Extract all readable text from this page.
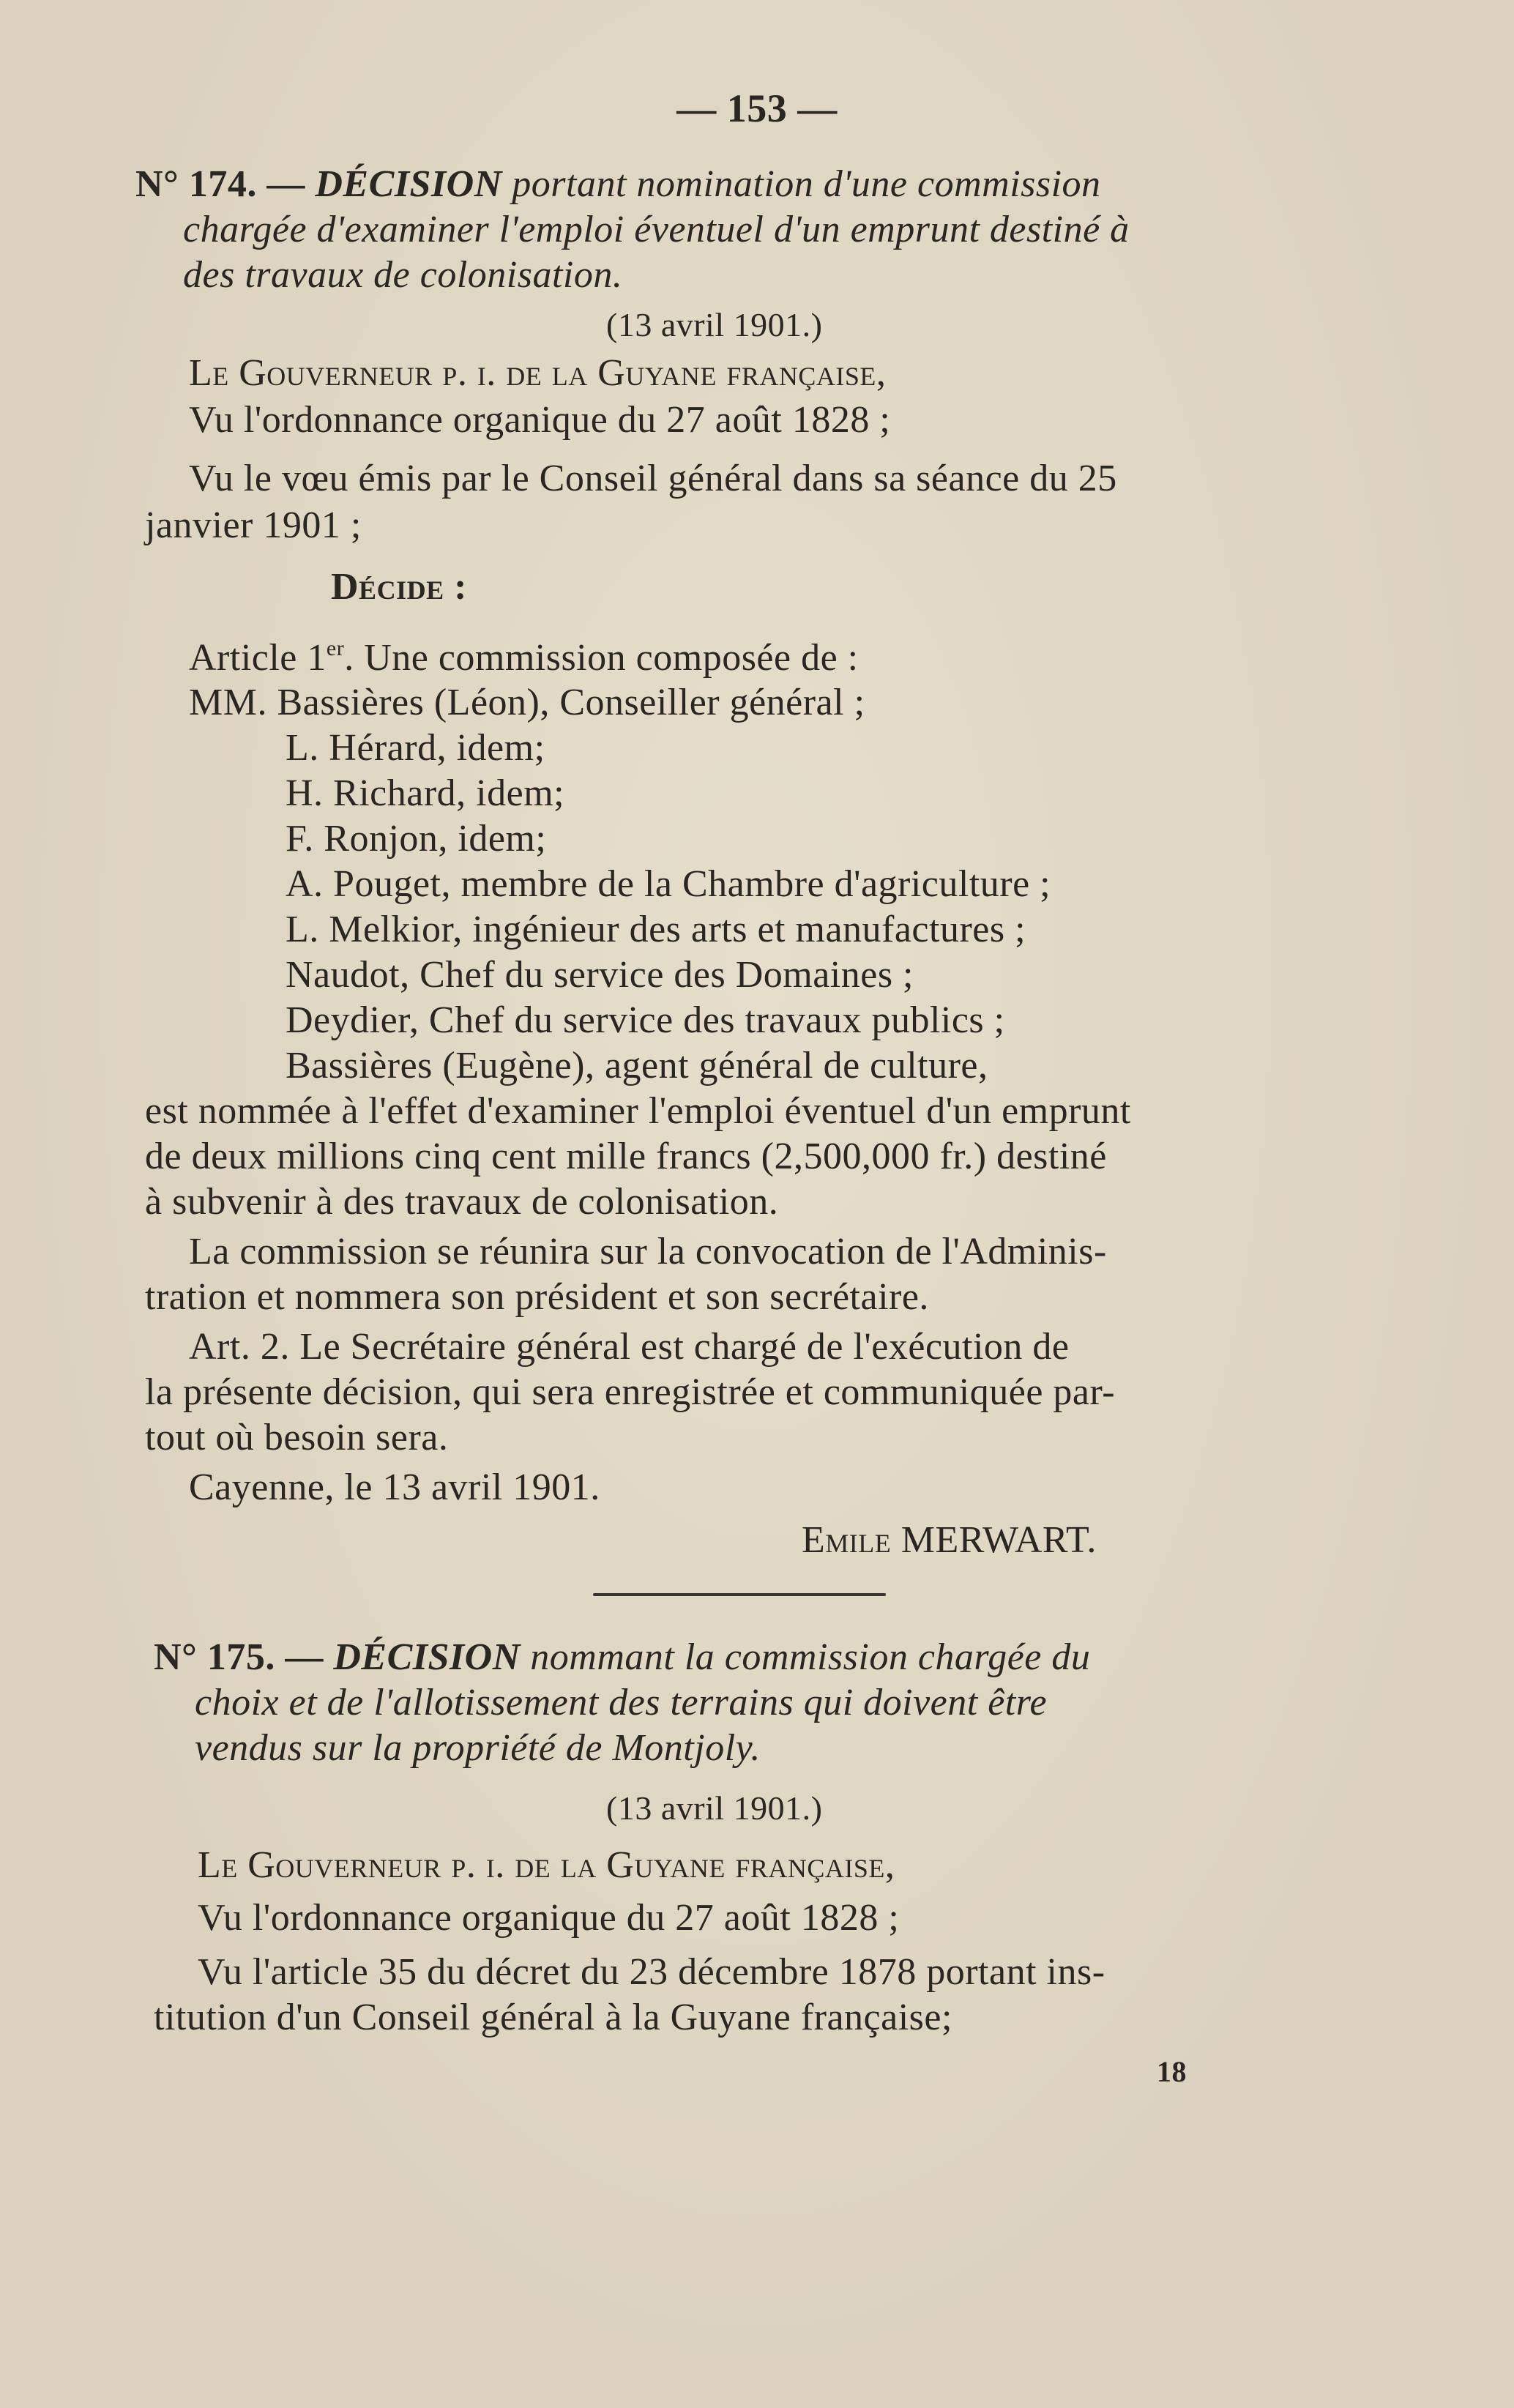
— 153 —
N° 174. — DÉCISION portant nomination d'une commission
chargée d'examiner l'emploi éventuel d'un emprunt destiné à
des travaux de colonisation.
(13 avril 1901.)
Le Gouverneur p. i. de la Guyane française,
Vu l'ordonnance organique du 27 août 1828 ;
Vu le vœu émis par le Conseil général dans sa séance du 25
janvier 1901 ;
Décide :
Article 1er. Une commission composée de :
MM. Bassières (Léon), Conseiller général ;
L. Hérard, idem;
H. Richard, idem;
F. Ronjon, idem;
A. Pouget, membre de la Chambre d'agriculture ;
L. Melkior, ingénieur des arts et manufactures ;
Naudot, Chef du service des Domaines ;
Deydier, Chef du service des travaux publics ;
Bassières (Eugène), agent général de culture,
est nommée à l'effet d'examiner l'emploi éventuel d'un emprunt
de deux millions cinq cent mille francs (2,500,000 fr.) destiné
à subvenir à des travaux de colonisation.
La commission se réunira sur la convocation de l'Adminis-
tration et nommera son président et son secrétaire.
Art. 2. Le Secrétaire général est chargé de l'exécution de
la présente décision, qui sera enregistrée et communiquée par-
tout où besoin sera.
Cayenne, le 13 avril 1901.
Emile MERWART.
N° 175. — DÉCISION nommant la commission chargée du
choix et de l'allotissement des terrains qui doivent être
vendus sur la propriété de Montjoly.
(13 avril 1901.)
Le Gouverneur p. i. de la Guyane française,
Vu l'ordonnance organique du 27 août 1828 ;
Vu l'article 35 du décret du 23 décembre 1878 portant ins-
titution d'un Conseil général à la Guyane française;
18
